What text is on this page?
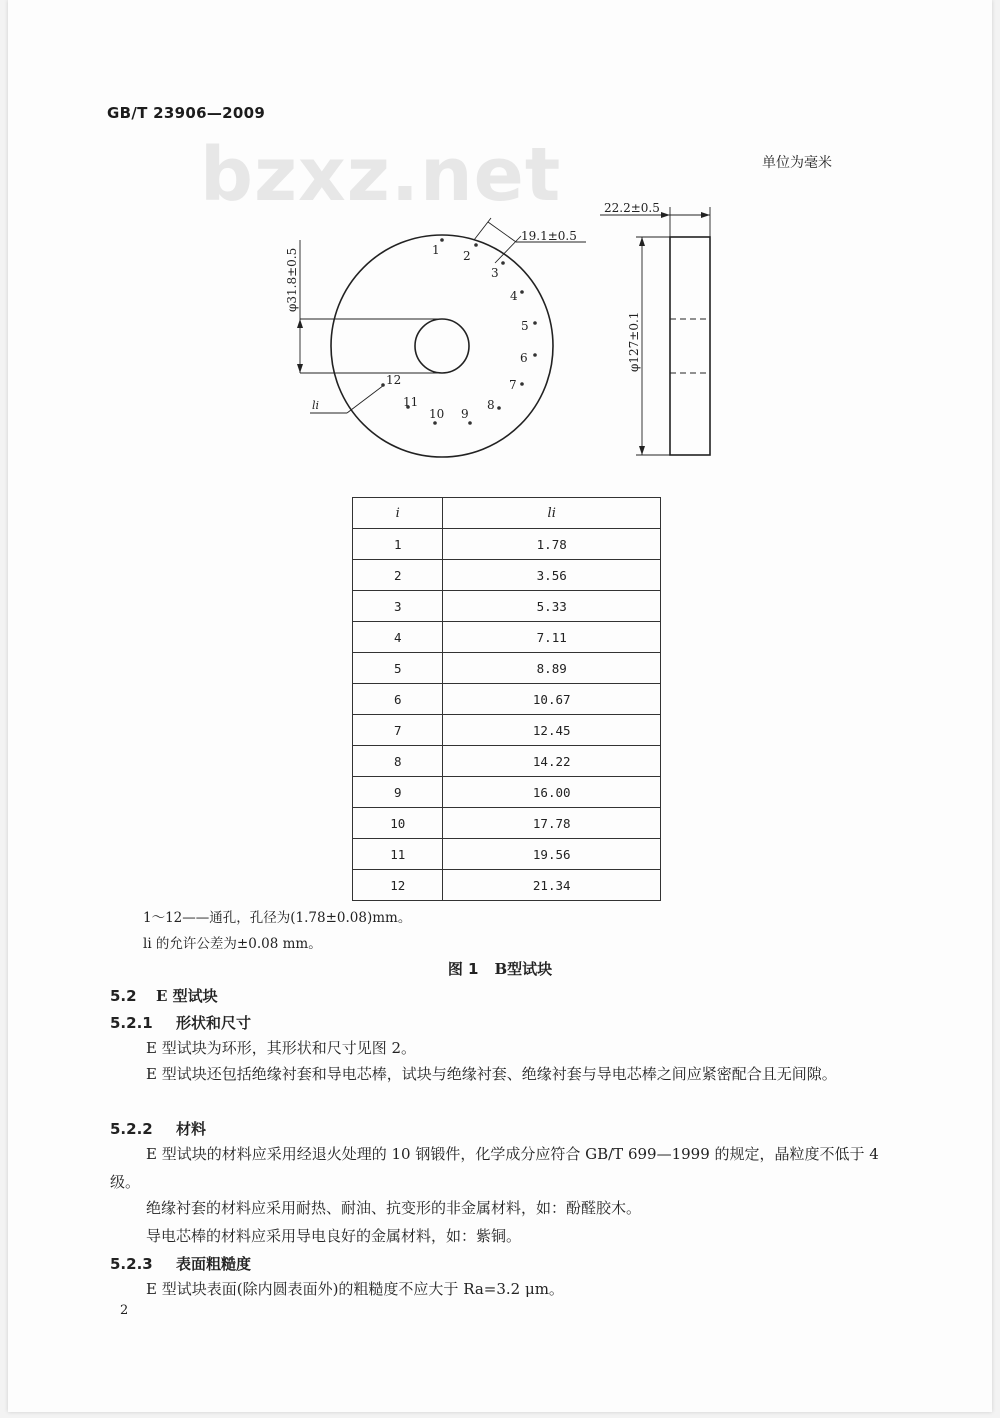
GB/T 23906—2009
bzxz.net	单位为毫米
φ31.8±0.5
19.1±0.5
li
1 2
3
4
5
6
7
8
9
10
11
12
22.2±0.5
φ127±0.1
i	li
1	1.78
2	3.56
3	5.33
4	7.11
5	8.89
6	10.67
7	12.45
8	14.22
9	16.00
10	17.78
11	19.56
12	21.34
1～12——通孔，孔径为(1.78±0.08)mm。
li 的允许公差为±0.08 mm。
图 1 B型试块
5.2 E 型试块
5.2.1 形状和尺寸
E 型试块为环形，其形状和尺寸见图 2。
E 型试块还包括绝缘衬套和导电芯棒，试块与绝缘衬套、绝缘衬套与导电芯棒之间应紧密配合且无间隙。
5.2.2 材料
E 型试块的材料应采用经退火处理的 10 钢锻件，化学成分应符合 GB/T 699—1999 的规定，晶粒度不低于 4 级。
绝缘衬套的材料应采用耐热、耐油、抗变形的非金属材料，如：酚醛胶木。
导电芯棒的材料应采用导电良好的金属材料，如：紫铜。
5.2.3 表面粗糙度
E 型试块表面(除内圆表面外)的粗糙度不应大于 Ra=3.2 μm。
2
